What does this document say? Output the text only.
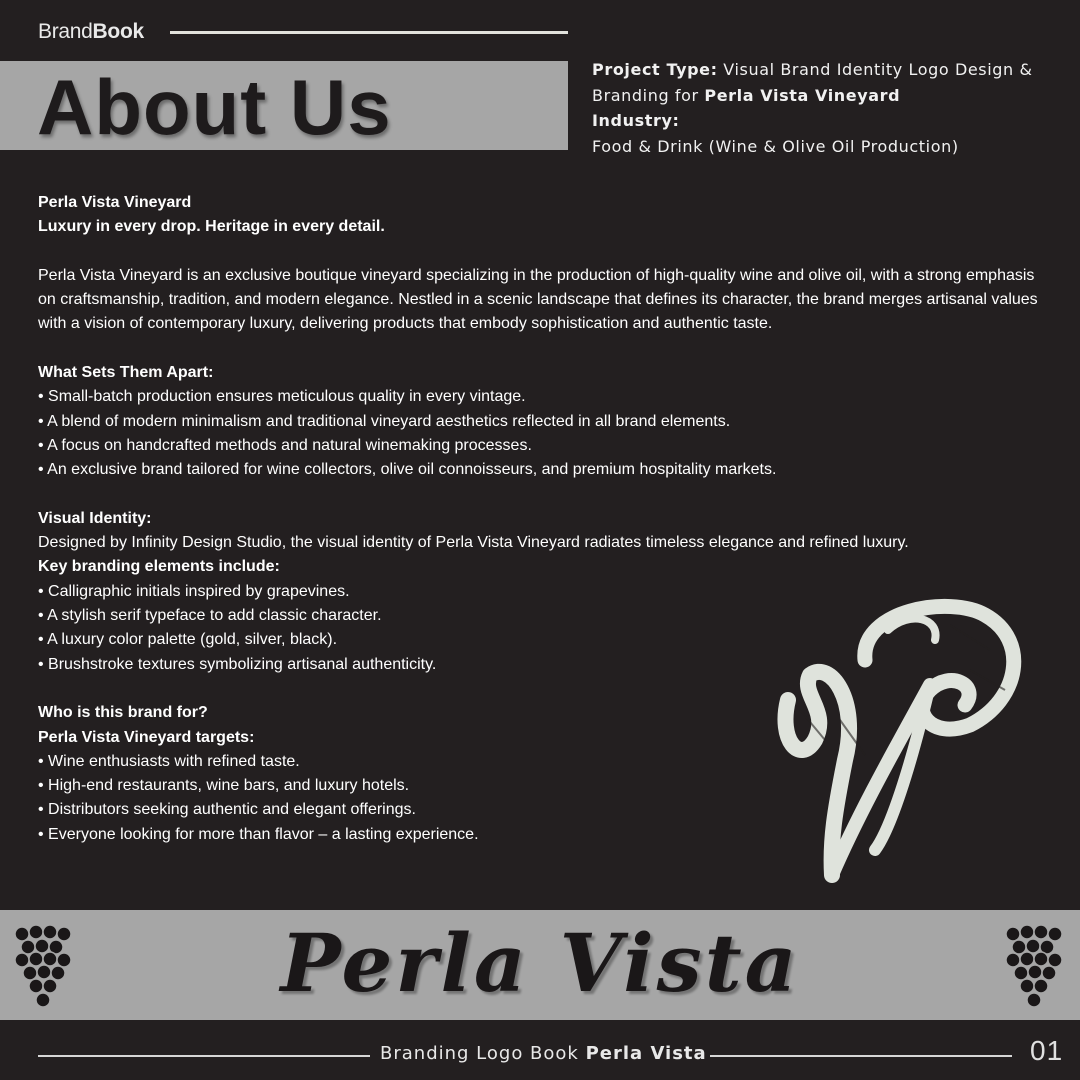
BrandBook
About Us	Project Type: Visual Brand Identity Logo Design & Branding for Perla Vista Vineyard
Industry:
Food & Drink (Wine & Olive Oil Production)

Perla Vista Vineyard

Luxury in every drop. Heritage in every detail.

Perla Vista Vineyard is an exclusive boutique vineyard specializing in the production of high-quality wine and olive oil, with a strong emphasis on craftsmanship, tradition, and modern elegance. Nestled in a scenic landscape that defines its character, the brand merges artisanal values with a vision of contemporary luxury, delivering products that embody sophistication and authentic taste.

What Sets Them Apart:

• Small-batch production ensures meticulous quality in every vintage.

• A blend of modern minimalism and traditional vineyard aesthetics reflected in all brand elements.

• A focus on handcrafted methods and natural winemaking processes.

• An exclusive brand tailored for wine collectors, olive oil connoisseurs, and premium hospitality markets.

Visual Identity:

Designed by Infinity Design Studio, the visual identity of Perla Vista Vineyard radiates timeless elegance and refined luxury.

Key branding elements include:

• Calligraphic initials inspired by grapevines.

• A stylish serif typeface to add classic character.

• A luxury color palette (gold, silver, black).

• Brushstroke textures symbolizing artisanal authenticity.

Who is this brand for?

Perla Vista Vineyard targets:

• Wine enthusiasts with refined taste.

• High-end restaurants, wine bars, and luxury hotels.

• Distributors seeking authentic and elegant offerings.

• Everyone looking for more than flavor – a lasting experience.

Perla Vista
Branding Logo Book Perla Vista	01
